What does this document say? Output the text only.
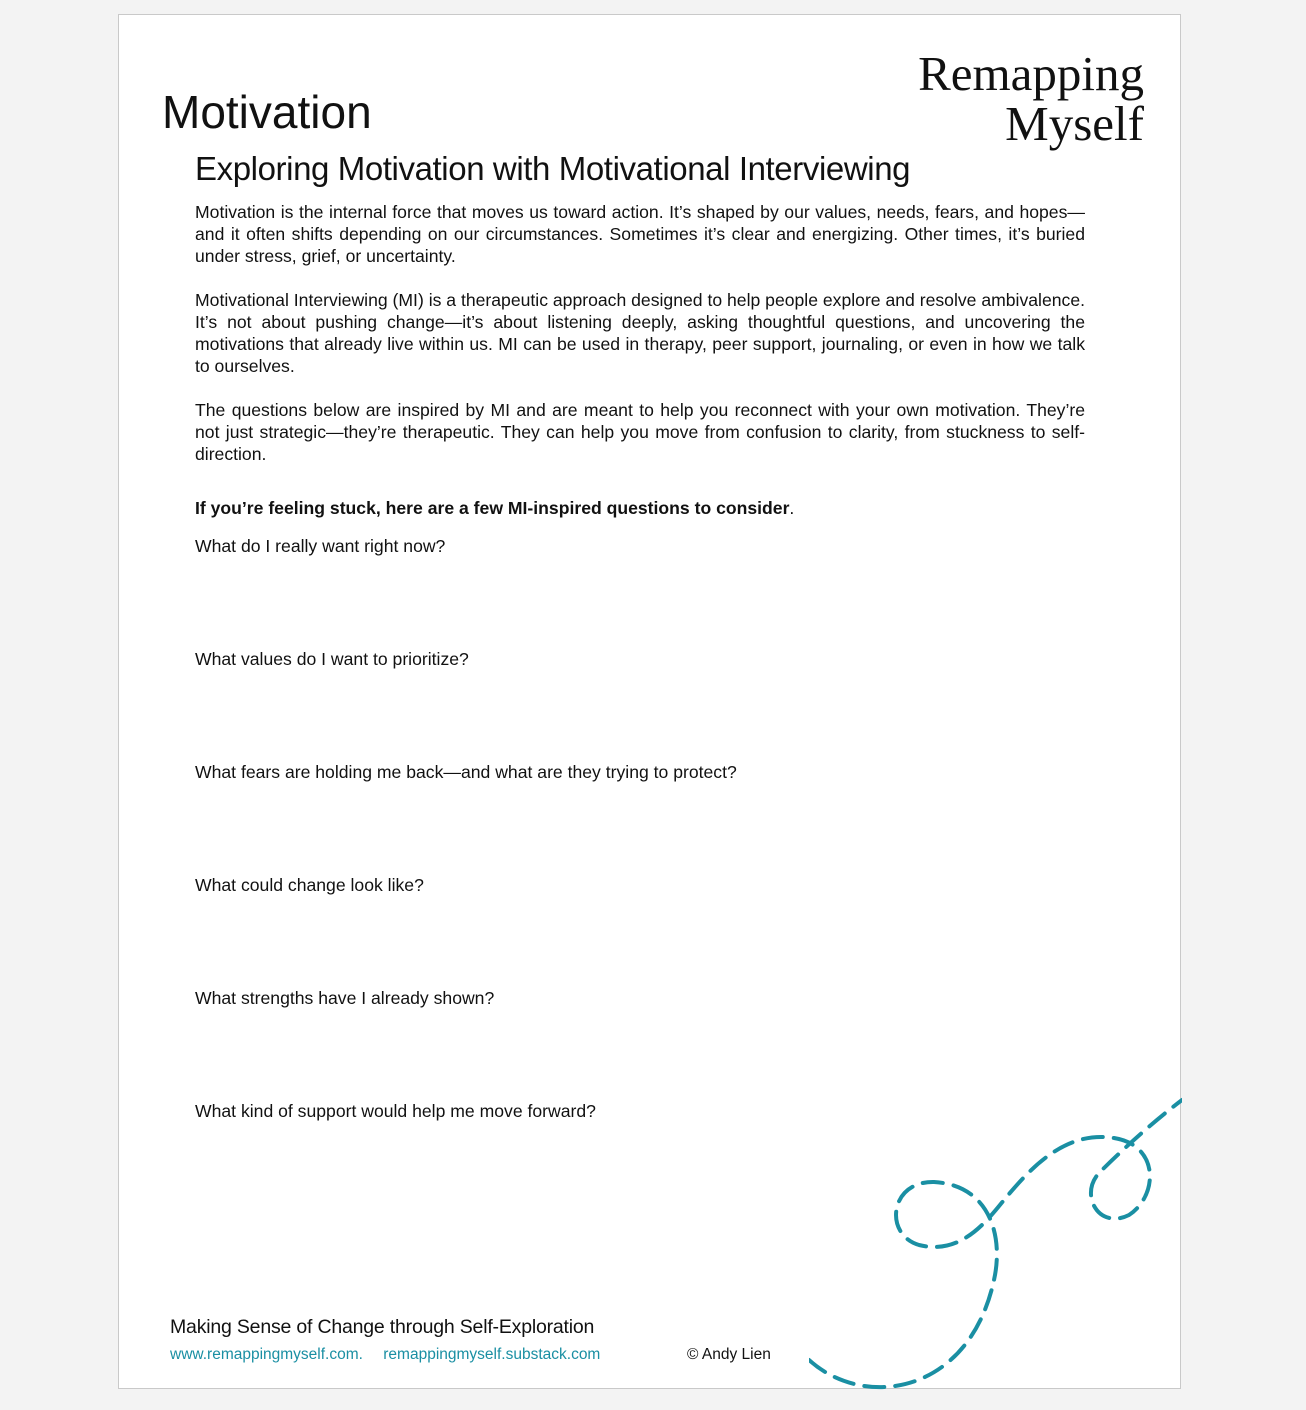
Remapping
Myself
Motivation
Exploring Motivation with Motivational Interviewing

Motivation is the internal force that moves us toward action. It’s shaped by our values, needs, fears, and hopes—and it often shifts depending on our circumstances. Sometimes it’s clear and energizing. Other times, it’s buried under stress, grief, or uncertainty.

Motivational Interviewing (MI) is a therapeutic approach designed to help people explore and resolve ambivalence. It’s not about pushing change—it’s about listening deeply, asking thoughtful questions, and uncovering the motivations that already live within us. MI can be used in therapy, peer support, journaling, or even in how we talk to ourselves.

The questions below are inspired by MI and are meant to help you reconnect with your own motivation. They’re not just strategic—they’re therapeutic. They can help you move from confusion to clarity, from stuckness to self-direction.

If you’re feeling stuck, here are a few MI-inspired questions to consider.
What do I really want right now?
What values do I want to prioritize?
What fears are holding me back—and what are they trying to protect?
What could change look like?
What strengths have I already shown?
What kind of support would help me move forward?
Making Sense of Change through Self-Exploration
www.remappingmyself.com. remappingmyself.substack.com	© Andy Lien
